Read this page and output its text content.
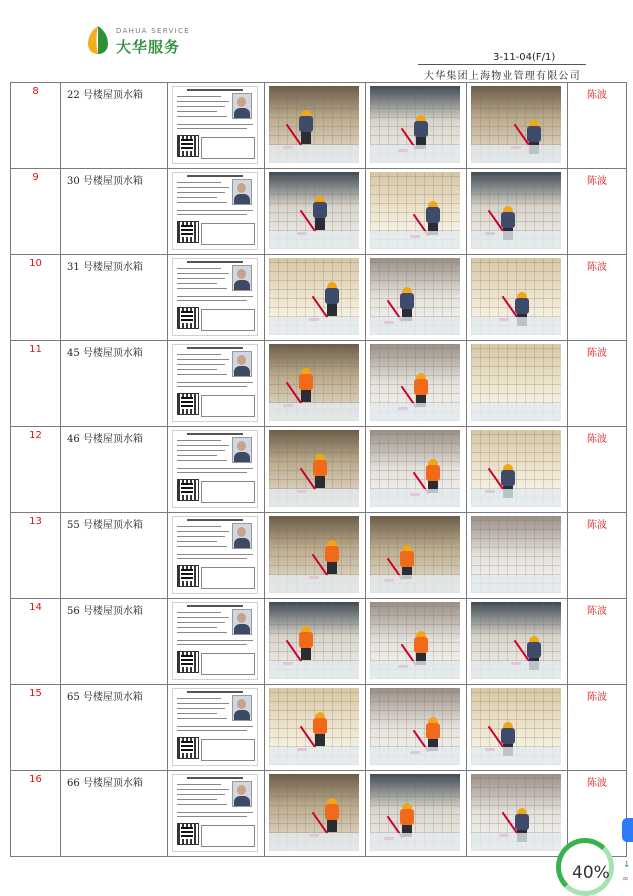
DAHUA SERVICE
大华服务
3-11-04(F/1)
大华集团上海物业管理有限公司
8	22 号楼屋顶水箱					陈波
9	30 号楼屋顶水箱					陈波
10	31 号楼屋顶水箱					陈波
11	45 号楼屋顶水箱					陈波
12	46 号楼屋顶水箱					陈波
13	55 号楼屋顶水箱					陈波
14	56 号楼屋顶水箱					陈波
15	65 号楼屋顶水箱					陈波
16	66 号楼屋顶水箱					陈波
40% ↓
∞
